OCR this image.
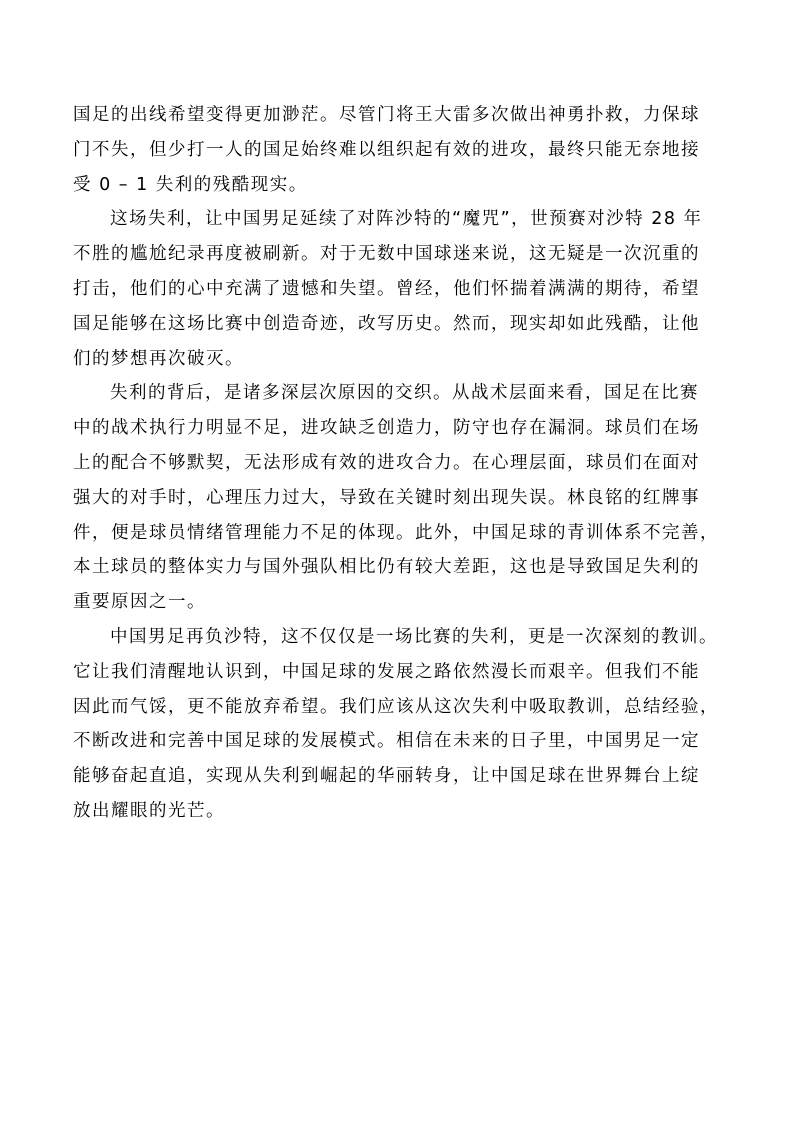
国足的出线希望变得更加渺茫。尽管门将王大雷多次做出神勇扑救，力保球
门不失，但少打一人的国足始终难以组织起有效的进攻，最终只能无奈地接
受 0 – 1 失利的残酷现实。

这场失利，让中国男足延续了对阵沙特的“魔咒”，世预赛对沙特 28 年
不胜的尴尬纪录再度被刷新。对于无数中国球迷来说，这无疑是一次沉重的
打击，他们的心中充满了遗憾和失望。曾经，他们怀揣着满满的期待，希望
国足能够在这场比赛中创造奇迹，改写历史。然而，现实却如此残酷，让他
们的梦想再次破灭。

失利的背后，是诸多深层次原因的交织。从战术层面来看，国足在比赛
中的战术执行力明显不足，进攻缺乏创造力，防守也存在漏洞。球员们在场
上的配合不够默契，无法形成有效的进攻合力。在心理层面，球员们在面对
强大的对手时，心理压力过大，导致在关键时刻出现失误。林良铭的红牌事
件，便是球员情绪管理能力不足的体现。此外，中国足球的青训体系不完善，
本土球员的整体实力与国外强队相比仍有较大差距，这也是导致国足失利的
重要原因之一。

中国男足再负沙特，这不仅仅是一场比赛的失利，更是一次深刻的教训。
它让我们清醒地认识到，中国足球的发展之路依然漫长而艰辛。但我们不能
因此而气馁，更不能放弃希望。我们应该从这次失利中吸取教训，总结经验，
不断改进和完善中国足球的发展模式。相信在未来的日子里，中国男足一定
能够奋起直追，实现从失利到崛起的华丽转身，让中国足球在世界舞台上绽
放出耀眼的光芒。
